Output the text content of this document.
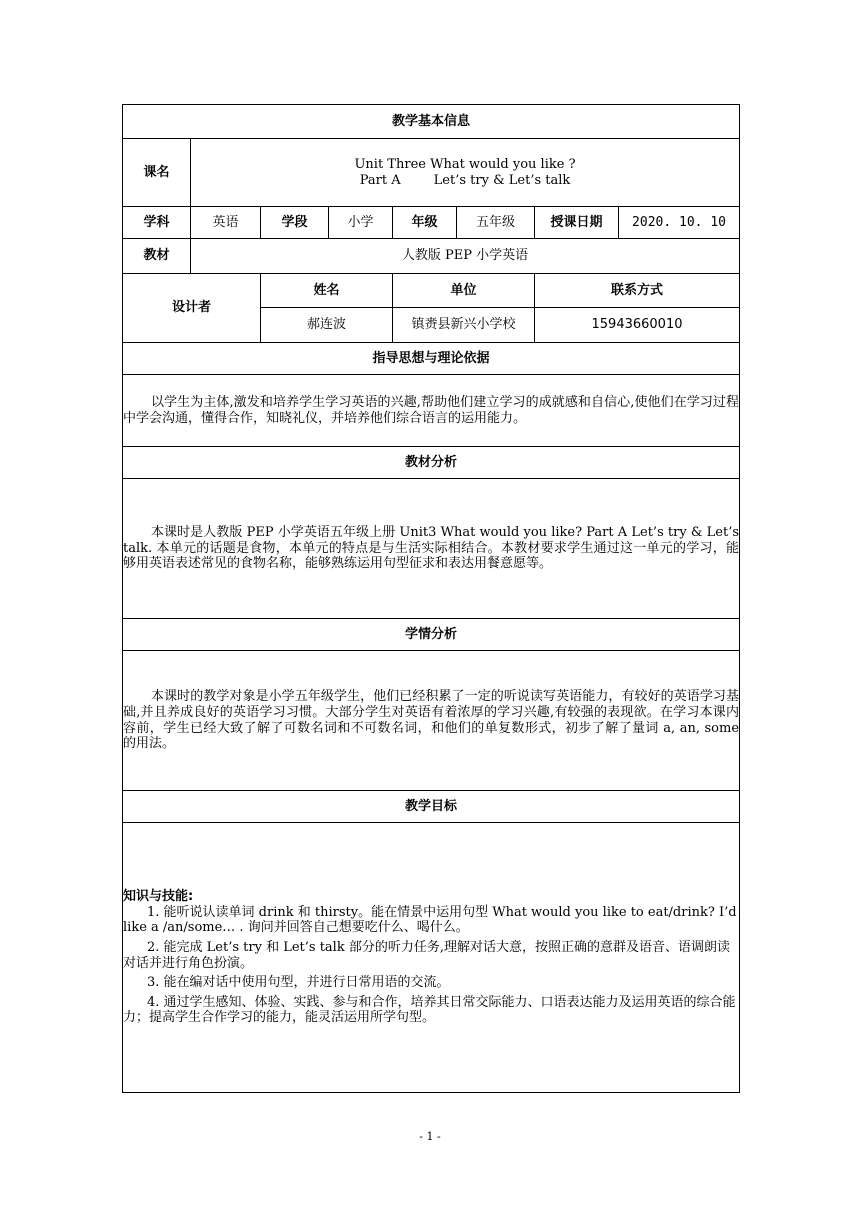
教学基本信息							
课名	Unit Three What would you like ?
Part A        Let’s try & Let’s talk						

学科	英语	学段	小学	年级	五年级	授课日期	2020. 10. 10
教材	人教版 PEP 小学英语						
设计者		姓名		单位		联系方式	
		郝连波		镇赉县新兴小学校		15943660010	
指导思想与理论依据							

以学生为主体,激发和培养学生学习英语的兴趣,帮助他们建立学习的成就感和自信心,使他们在学习过程中学会沟通，懂得合作，知晓礼仪，并培养他们综合语言的运用能力。							

教材分析							

本课时是人教版 PEP 小学英语五年级上册 Unit3 What would you like? Part A Let’s try & Let’s talk. 本单元的话题是食物，本单元的特点是与生活实际相结合。本教材要求学生通过这一单元的学习，能够用英语表述常见的食物名称，能够熟练运用句型征求和表达用餐意愿等。							

学情分析							

本课时的教学对象是小学五年级学生，他们已经积累了一定的听说读写英语能力，有较好的英语学习基础,并且养成良好的英语学习习惯。大部分学生对英语有着浓厚的学习兴趣,有较强的表现欲。在学习本课内容前，学生已经大致了解了可数名词和不可数名词，和他们的单复数形式，初步了解了量词 a, an, some 的用法。							

教学目标							

知识与技能:

1. 能听说认读单词 drink 和 thirsty。能在情景中运用句型 What would you like to eat/drink? I’d like a /an/some… . 询问并回答自己想要吃什么、喝什么。

2. 能完成 Let’s try 和 Let’s talk 部分的听力任务,理解对话大意，按照正确的意群及语音、语调朗读对话并进行角色扮演。

3. 能在编对话中使用句型，并进行日常用语的交流。

4. 通过学生感知、体验、实践、参与和合作，培养其日常交际能力、口语表达能力及运用英语的综合能力；提高学生合作学习的能力，能灵活运用所学句型。							

- 1 -
